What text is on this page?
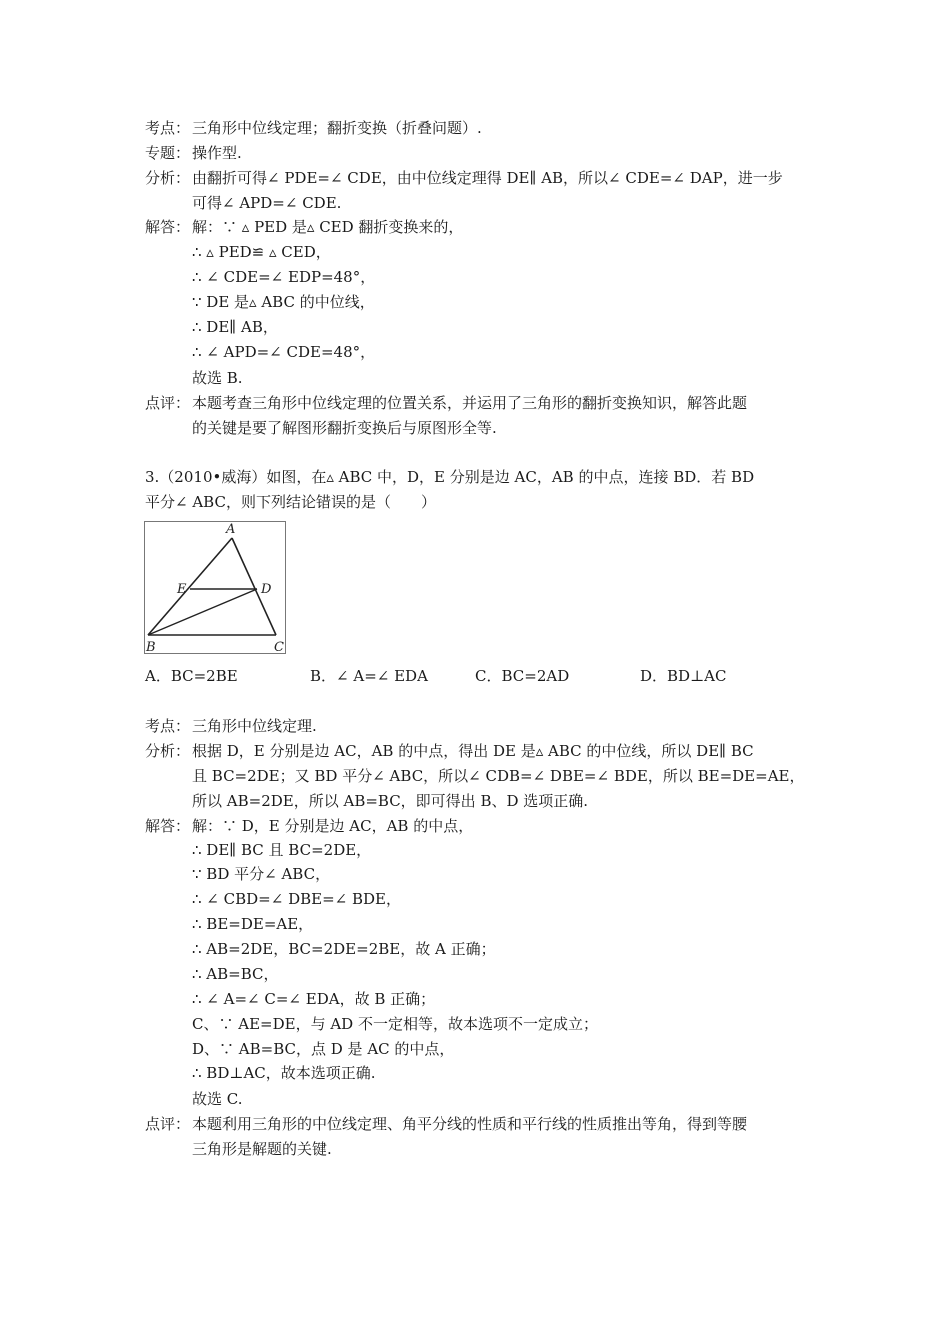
考点： 三角形中位线定理；翻折变换（折叠问题）.
专题： 操作型.
分析： 由翻折可得∠ PDE=∠ CDE，由中位线定理得 DE∥ AB，所以∠ CDE=∠ DAP，进一步
可得∠ APD=∠ CDE.
解答： 解：∵ ▵ PED 是▵ CED 翻折变换来的，
∴ ▵ PED≌ ▵ CED，
∴ ∠ CDE=∠ EDP=48°，
∵ DE 是▵ ABC 的中位线，
∴ DE∥ AB，
∴ ∠ APD=∠ CDE=48°，
故选 B.
点评： 本题考查三角形中位线定理的位置关系，并运用了三角形的翻折变换知识，解答此题
的关键是要了解图形翻折变换后与原图形全等.
3.（2010•威海）如图，在▵ ABC 中，D，E 分别是边 AC，AB 的中点，连接 BD．若 BD
平分∠ ABC，则下列结论错误的是（　　）
A
E	D
B	C
A．BC=2BE	B．∠ A=∠ EDA	C．BC=2AD	D．BD⊥AC
考点： 三角形中位线定理.
分析： 根据 D，E 分别是边 AC，AB 的中点，得出 DE 是▵ ABC 的中位线，所以 DE∥ BC
且 BC=2DE；又 BD 平分∠ ABC，所以∠ CDB=∠ DBE=∠ BDE，所以 BE=DE=AE，
所以 AB=2DE，所以 AB=BC，即可得出 B、D 选项正确.
解答： 解：∵ D，E 分别是边 AC，AB 的中点，
∴ DE∥ BC 且 BC=2DE，
∵ BD 平分∠ ABC，
∴ ∠ CBD=∠ DBE=∠ BDE，
∴ BE=DE=AE，
∴ AB=2DE，BC=2DE=2BE，故 A 正确；
∴ AB=BC，
∴ ∠ A=∠ C=∠ EDA，故 B 正确；
C、∵ AE=DE，与 AD 不一定相等，故本选项不一定成立；
D、∵ AB=BC，点 D 是 AC 的中点，
∴ BD⊥AC，故本选项正确.
故选 C.
点评： 本题利用三角形的中位线定理、角平分线的性质和平行线的性质推出等角，得到等腰
三角形是解题的关键.
